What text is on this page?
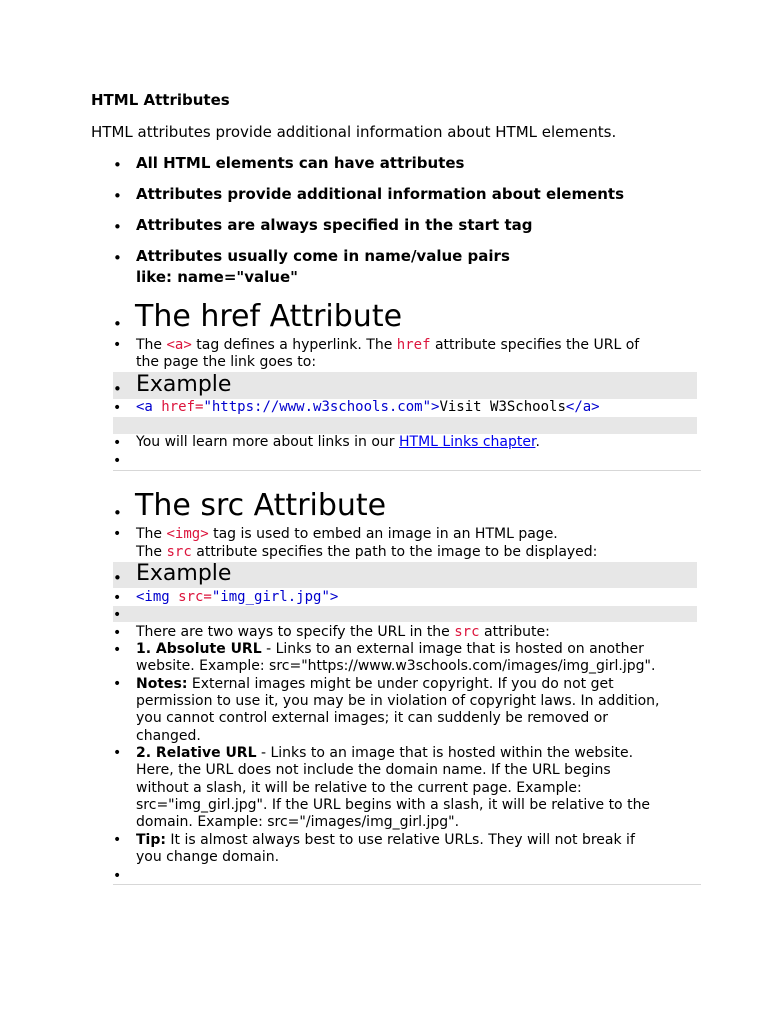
HTML Attributes
HTML attributes provide additional information about HTML elements.
• All HTML elements can have attributes
• Attributes provide additional information about elements
• Attributes are always specified in the start tag
• Attributes usually come in name/value pairs
like: name="value"
• The href Attribute
• The <a> tag defines a hyperlink. The href attribute specifies the URL of
the page the link goes to:
• Example
• <a href="https://www.w3schools.com">Visit W3Schools</a>
• You will learn more about links in our HTML Links chapter.
•
• The src Attribute
• The <img> tag is used to embed an image in an HTML page.
The src attribute specifies the path to the image to be displayed:
• Example
• <img src="img_girl.jpg">
•
• There are two ways to specify the URL in the src attribute:
• 1. Absolute URL - Links to an external image that is hosted on another
website. Example: src="https://www.w3schools.com/images/img_girl.jpg".
• Notes: External images might be under copyright. If you do not get
permission to use it, you may be in violation of copyright laws. In addition,
you cannot control external images; it can suddenly be removed or
changed.
• 2. Relative URL - Links to an image that is hosted within the website.
Here, the URL does not include the domain name. If the URL begins
without a slash, it will be relative to the current page. Example:
src="img_girl.jpg". If the URL begins with a slash, it will be relative to the
domain. Example: src="/images/img_girl.jpg".
• Tip: It is almost always best to use relative URLs. They will not break if
you change domain.
•
